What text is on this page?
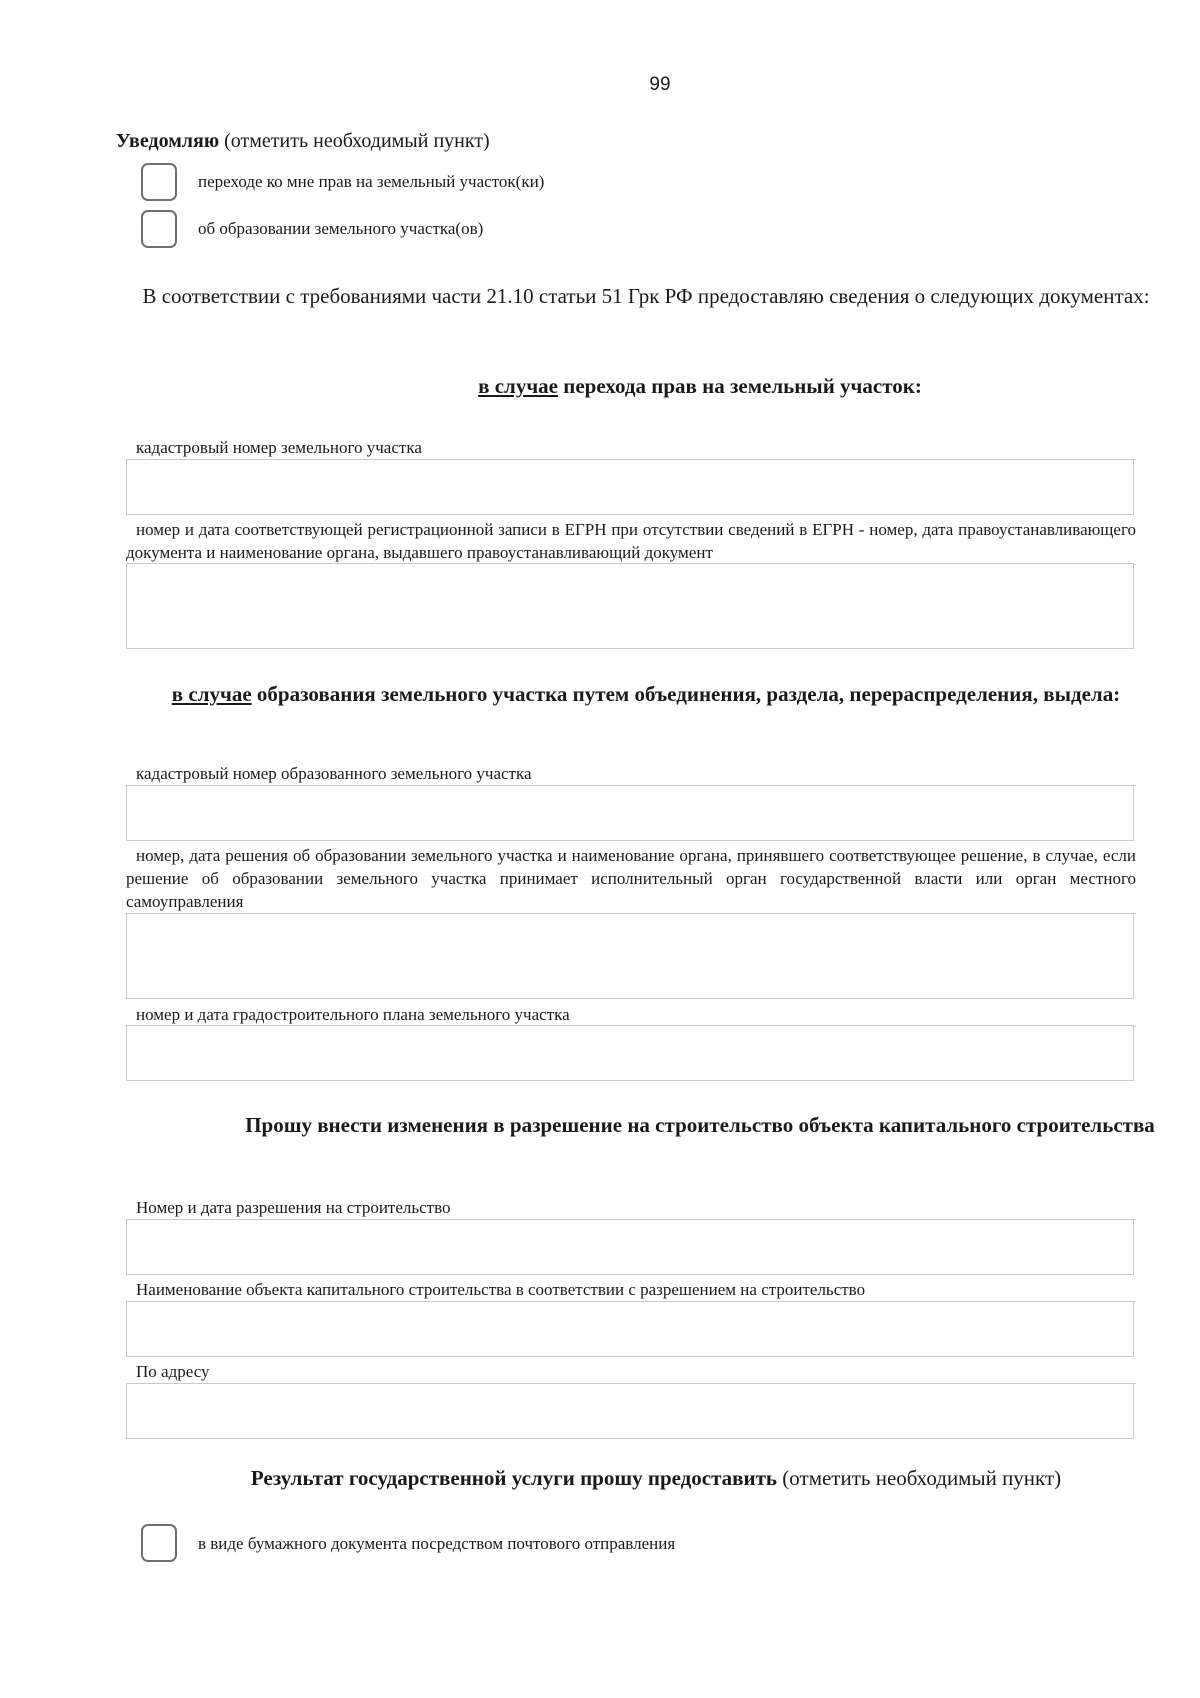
99
Уведомляю (отметить необходимый пункт)
переходе ко мне прав на земельный участок(ки)
об образовании земельного участка(ов)
В соответствии с требованиями части 21.10 статьи 51 Грк РФ предоставляю сведения о следующих документах:
в случае перехода прав на земельный участок:
кадастровый номер земельного участка
номер и дата соответствующей регистрационной записи в ЕГРН при отсутствии сведений в ЕГРН - номер, дата правоустанавливающего документа и наименование органа, выдавшего правоустанавливающий документ
в случае образования земельного участка путем объединения, раздела, перераспределения, выдела:
кадастровый номер образованного земельного участка
номер, дата решения об образовании земельного участка и наименование органа, принявшего соответствующее решение, в случае, если решение об образовании земельного участка принимает исполнительный орган государственной власти или орган местного самоуправления
номер и дата градостроительного плана земельного участка
Прошу внести изменения в разрешение на строительство объекта капитального строительства
Номер и дата разрешения на строительство
Наименование объекта капитального строительства в соответствии с разрешением на строительство
По адресу
Результат государственной услуги прошу предоставить (отметить необходимый пункт)
в виде бумажного документа посредством почтового отправления
